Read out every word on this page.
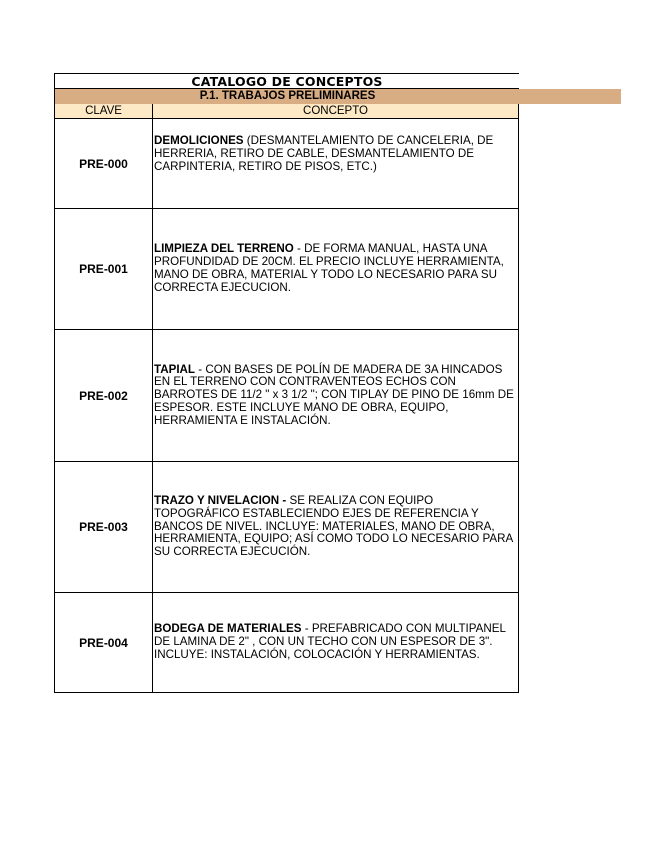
CATALOGO DE CONCEPTOS
P.1. TRABAJOS PRELIMINARES
CLAVE	CONCEPTO
PRE-000

DEMOLICIONES (DESMANTELAMIENTO DE CANCELERIA, DE HERRERIA, RETIRO DE CABLE, DESMANTELAMIENTO DE CARPINTERIA, RETIRO DE PISOS, ETC.)

PRE-001

LIMPIEZA DEL TERRENO - DE FORMA MANUAL, HASTA UNA PROFUNDIDAD DE 20CM. EL PRECIO INCLUYE HERRAMIENTA, MANO DE OBRA, MATERIAL Y TODO LO NECESARIO PARA SU CORRECTA EJECUCION.

PRE-002

TAPIAL - CON BASES DE POLÍN DE MADERA DE 3A HINCADOS EN EL TERRENO CON CONTRAVENTEOS ECHOS CON BARROTES DE 11/2 " x 3 1/2 "; CON TIPLAY DE PINO DE 16mm DE ESPESOR. ESTE INCLUYE MANO DE OBRA, EQUIPO, HERRAMIENTA E INSTALACIÓN.

PRE-003

TRAZO Y NIVELACION - SE REALIZA CON EQUIPO TOPOGRÁFICO ESTABLECIENDO EJES DE REFERENCIA Y BANCOS DE NIVEL. INCLUYE: MATERIALES, MANO DE OBRA, HERRAMIENTA, EQUIPO; ASÍ COMO TODO LO NECESARIO PARA SU CORRECTA EJECUCIÓN.

PRE-004

BODEGA DE MATERIALES - PREFABRICADO CON MULTIPANEL DE LAMINA DE 2" , CON UN TECHO CON UN ESPESOR DE 3". INCLUYE: INSTALACIÓN, COLOCACIÓN Y HERRAMIENTAS.
